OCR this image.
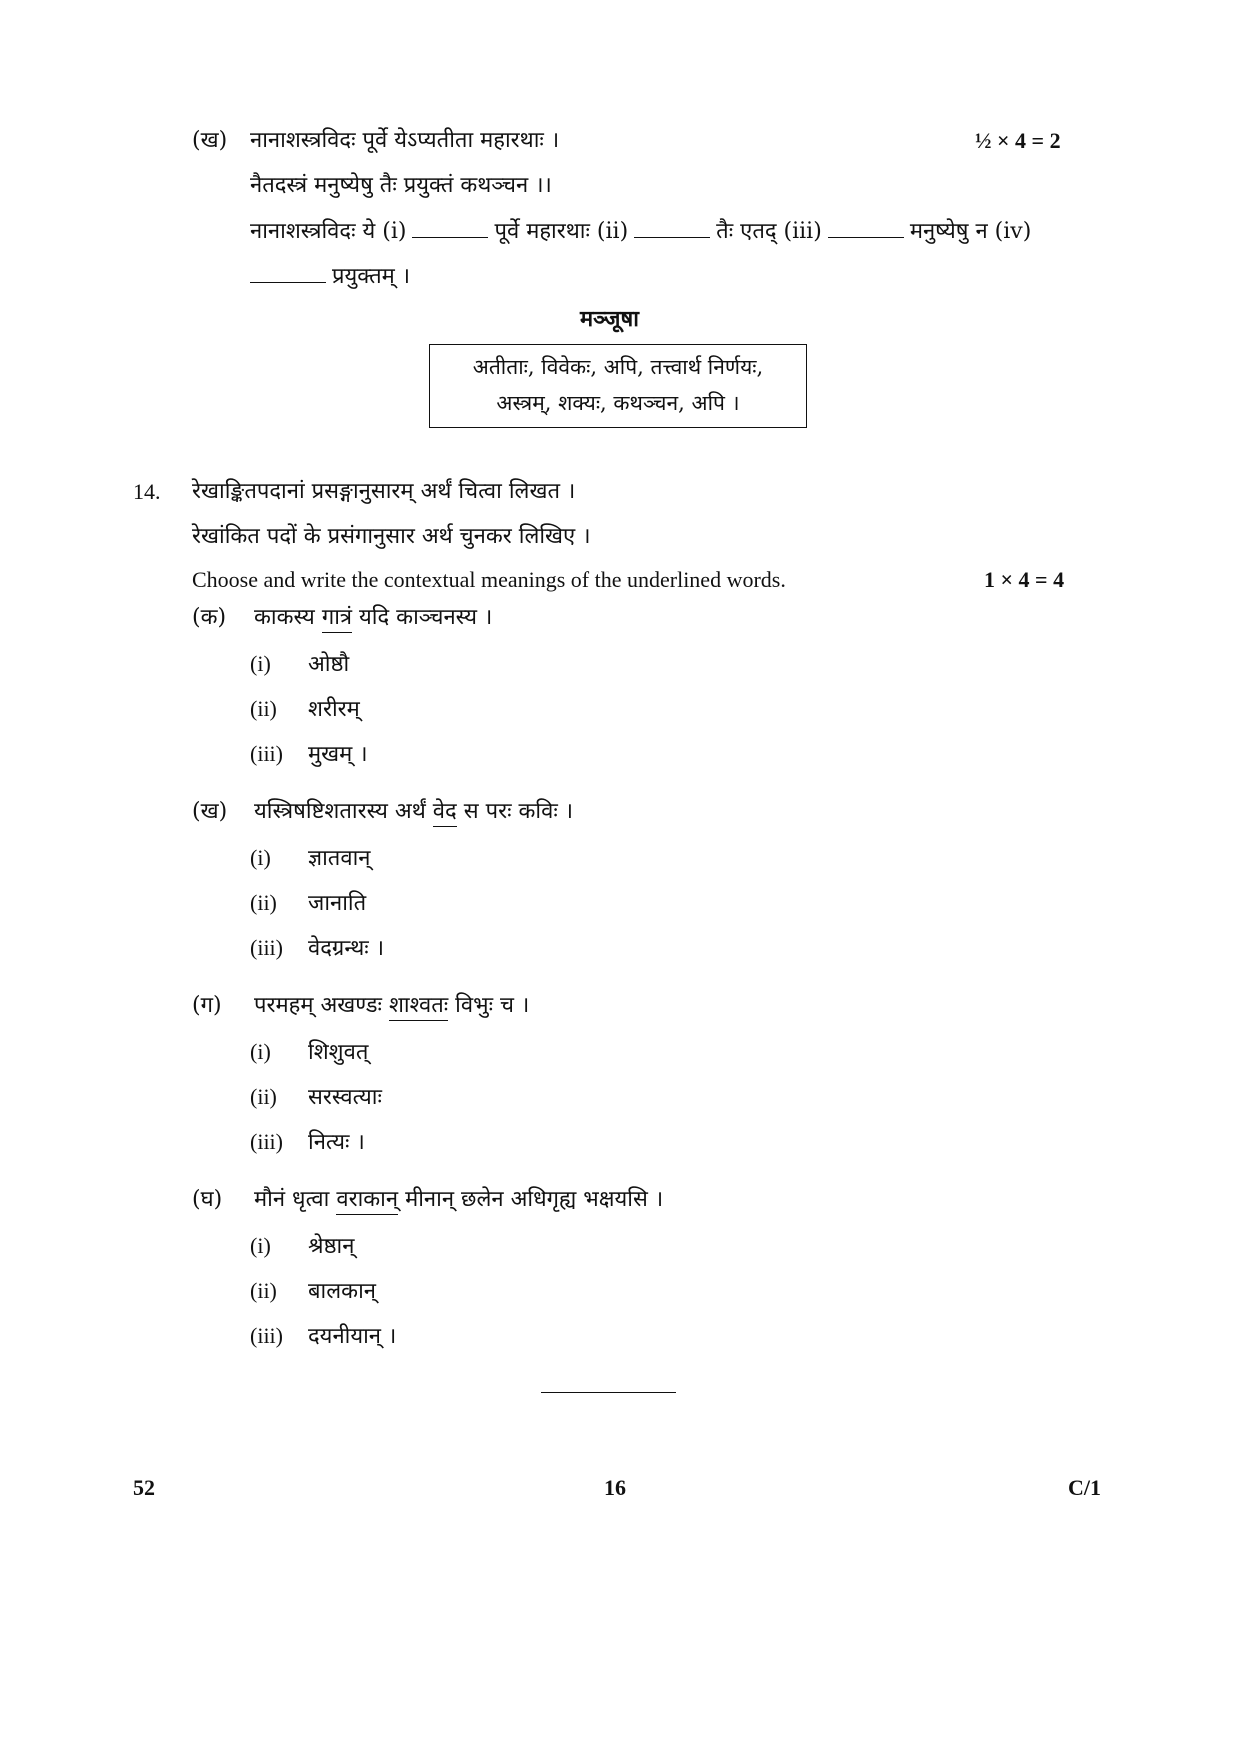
(ख) नानाशस्त्रविदः पूर्वे येऽप्यतीता महारथाः ।	½ × 4 = 2
नैतदस्त्रं मनुष्येषु तैः प्रयुक्तं कथञ्चन ।।
नानाशस्त्रविदः ये (i)	पूर्वे महारथाः (ii)	तैः एतद् (iii)	मनुष्येषु न (iv)
प्रयुक्तम् ।
मञ्जूषा
अतीताः, विवेकः, अपि, तत्त्वार्थ निर्णयः,
अस्त्रम्, शक्यः, कथञ्चन, अपि ।
14. रेखाङ्कितपदानां प्रसङ्गानुसारम् अर्थं चित्वा लिखत ।
रेखांकित पदों के प्रसंगानुसार अर्थ चुनकर लिखिए ।
Choose and write the contextual meanings of the underlined words.	1 × 4 = 4
(क) काकस्य गात्रं यदि काञ्चनस्य ।
(i) ओष्ठौ
(ii) शरीरम्
(iii) मुखम् ।
(ख) यस्त्रिषष्टिशतारस्य अर्थं वेद स परः कविः ।
(i) ज्ञातवान्
(ii) जानाति
(iii) वेदग्रन्थः ।
(ग) परमहम् अखण्डः शाश्वतः विभुः च ।
(i) शिशुवत्
(ii) सरस्वत्याः
(iii) नित्यः ।
(घ) मौनं धृत्वा वराकान् मीनान् छलेन अधिगृह्य भक्षयसि ।
(i) श्रेष्ठान्
(ii) बालकान्
(iii) दयनीयान् ।
52	16	C/1
